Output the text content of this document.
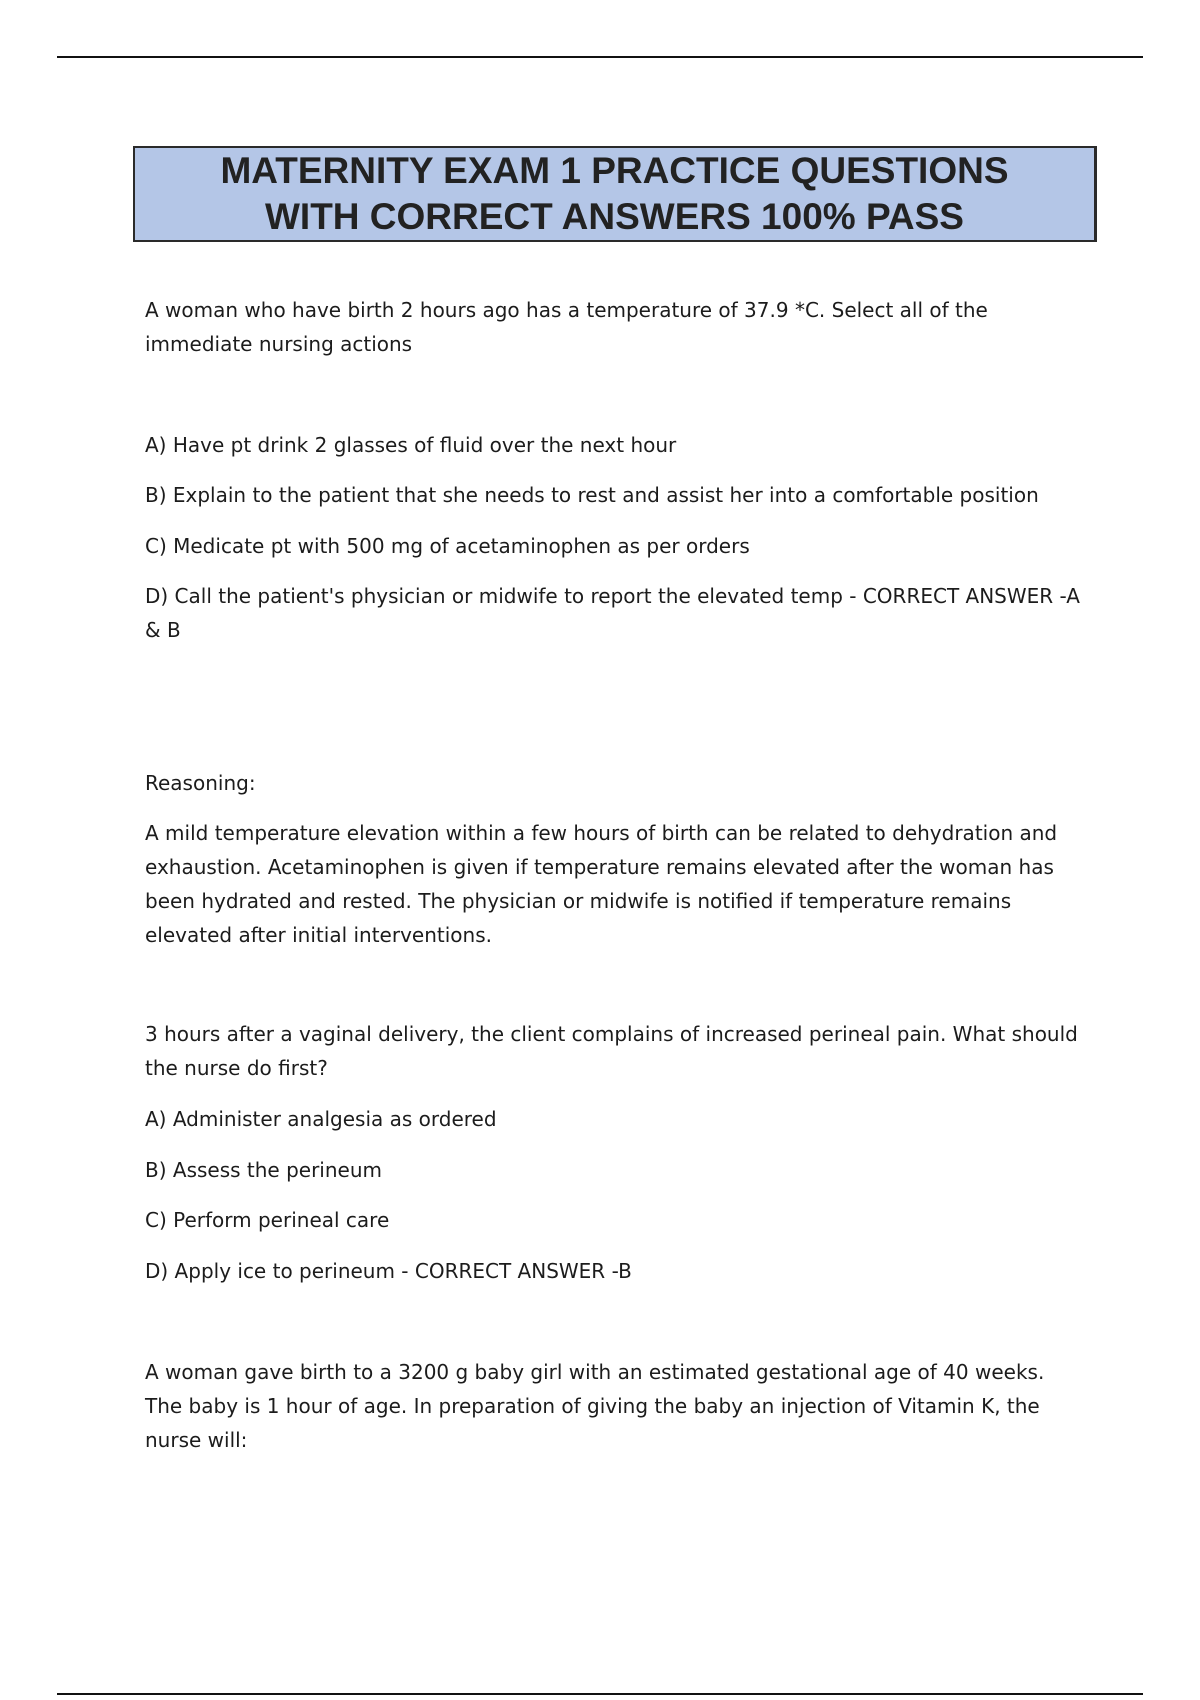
MATERNITY EXAM 1 PRACTICE QUESTIONS
WITH CORRECT ANSWERS 100% PASS

A woman who have birth 2 hours ago has a temperature of 37.9 *C. Select all of the immediate nursing actions

A) Have pt drink 2 glasses of fluid over the next hour

B) Explain to the patient that she needs to rest and assist her into a comfortable position

C) Medicate pt with 500 mg of acetaminophen as per orders

D) Call the patient's physician or midwife to report the elevated temp - CORRECT ANSWER -A & B

Reasoning:

A mild temperature elevation within a few hours of birth can be related to dehydration and exhaustion. Acetaminophen is given if temperature remains elevated after the woman has been hydrated and rested. The physician or midwife is notified if temperature remains elevated after initial interventions.

3 hours after a vaginal delivery, the client complains of increased perineal pain. What should the nurse do first?

A) Administer analgesia as ordered

B) Assess the perineum

C) Perform perineal care

D) Apply ice to perineum - CORRECT ANSWER -B

A woman gave birth to a 3200 g baby girl with an estimated gestational age of 40 weeks. The baby is 1 hour of age. In preparation of giving the baby an injection of Vitamin K, the nurse will:
